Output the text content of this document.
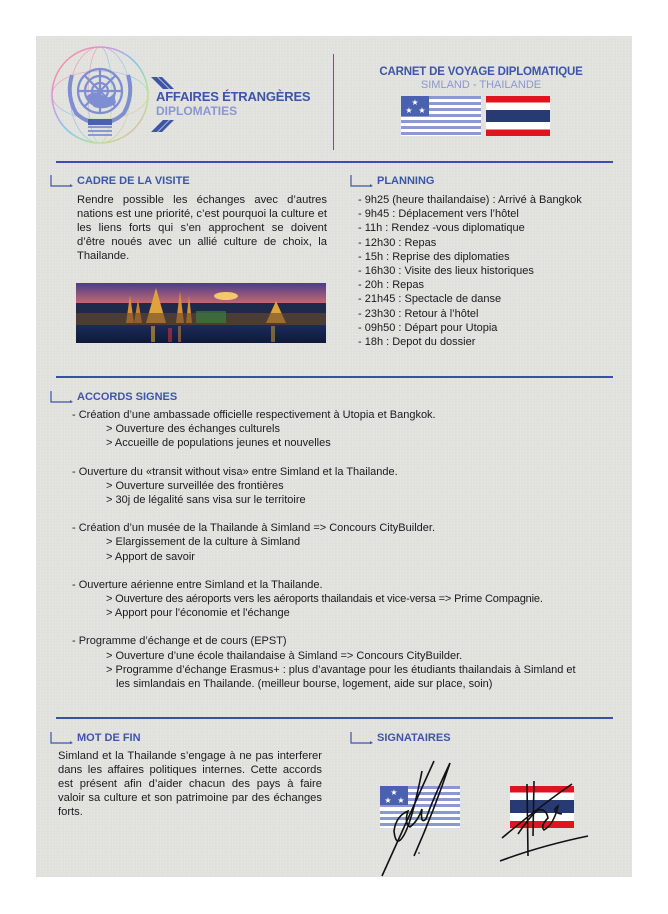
AFFAIRES ÉTRANGÈRES
DIPLOMATIES
CARNET DE VOYAGE DIPLOMATIQUE
SIMLAND - THAILANDE
★
★ ★
CADRE DE LA VISITE
Rendre possible les échanges avec d’autres nations est une priorité, c’est pourquoi la culture et les liens forts qui s’en approchent se doivent d’être noués avec un allié culture de choix, la Thailande.
PLANNING
- 9h25 (heure thailandaise) : Arrivé à Bangkok
- 9h45 : Déplacement vers l’hôtel
- 11h : Rendez -vous diplomatique
- 12h30 : Repas
- 15h : Reprise des diplomaties
- 16h30 : Visite des lieux historiques
- 20h : Repas
- 21h45 : Spectacle de danse
- 23h30 : Retour à l’hôtel
- 09h50 : Départ pour Utopia
- 18h : Depot du dossier
ACCORDS SIGNES
- Création d’une ambassade officielle respectivement à Utopia et Bangkok.
> Ouverture des échanges culturels
> Accueille de populations jeunes et nouvelles
- Ouverture du «transit without visa» entre Simland et la Thailande.
> Ouverture surveillée des frontières
> 30j de légalité sans visa sur le territoire
- Création d’un musée de la Thailande à Simland => Concours CityBuilder.
> Elargissement de la culture à Simland
> Apport de savoir
- Ouverture aérienne entre Simland et la Thailande.
> Ouverture des aéroports vers les aéroports thailandais et vice-versa => Prime Compagnie.
> Apport pour l'économie et l'échange
- Programme d’échange et de cours (EPST)
> Ouverture d’une école thailandaise à Simland => Concours CityBuilder.
> Programme d’échange Erasmus+ : plus d’avantage pour les étudiants thailandais à Simland et les simlandais en Thailande. (meilleur bourse, logement, aide sur place, soin)
MOT DE FIN
Simland et la Thailande s’engage à ne pas interferer dans les affaires politiques internes. Cette accords est présent afin d’aider chacun des pays à faire valoir sa culture et son patrimoine par des échanges forts.
SIGNATAIRES
★
★ ★
